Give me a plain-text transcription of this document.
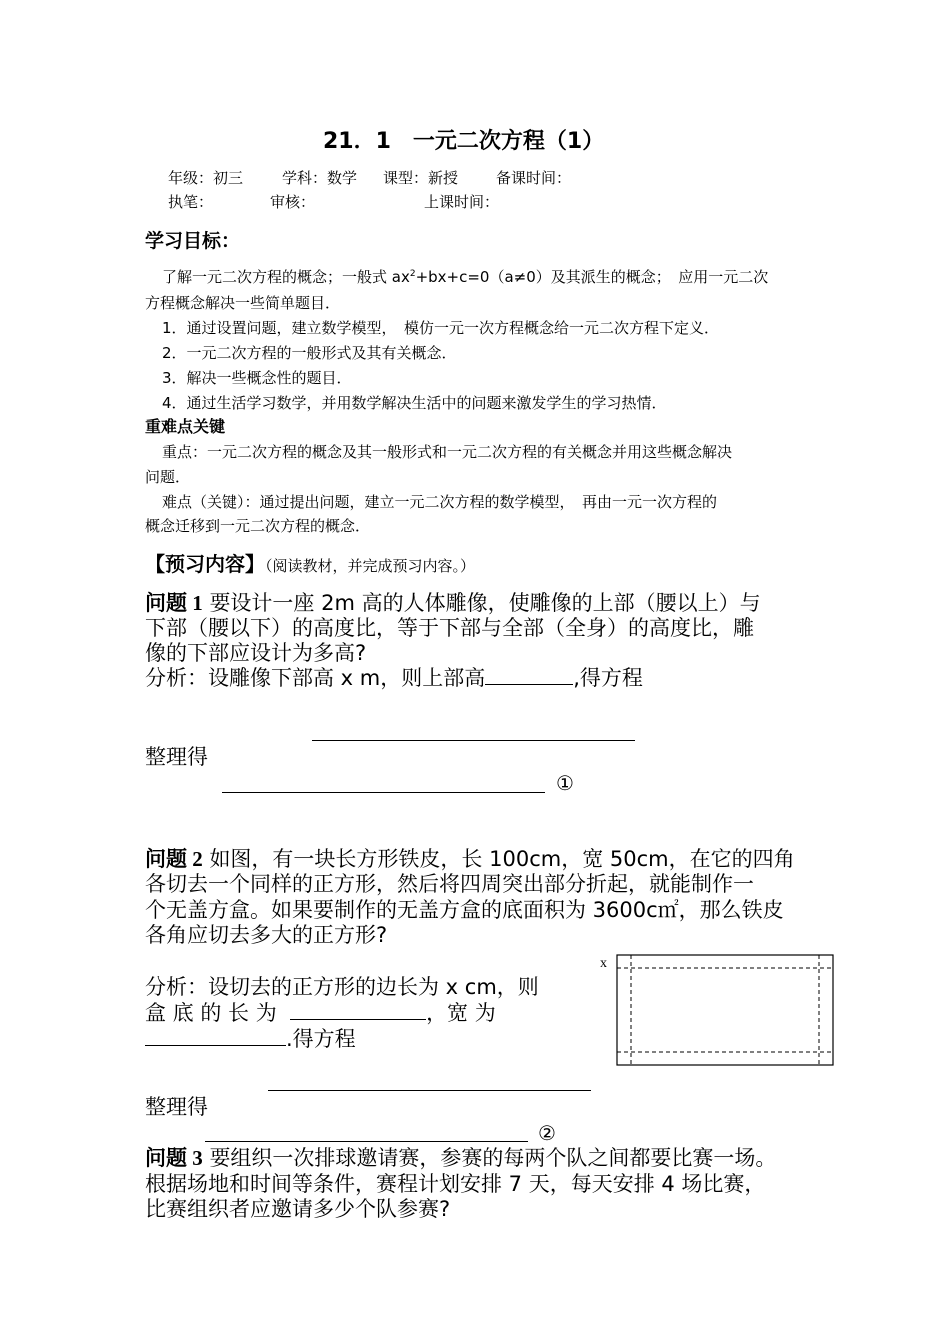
21．1　一元二次方程（1）
年级：初三	学科：数学 课型：新授	备课时间：
执笔：	审核：	上课时间：
学习目标：
了解一元二次方程的概念；一般式 $ax^2+bx+c=0(a\ne 0)$及其派生的概念；　应用一元二次
方程概念解决一些简单题目．
1．通过设置问题，建立数学模型，　模仿一元一次方程概念给一元二次方程下定义．
2．一元二次方程的一般形式及其有关概念．
3．解决一些概念性的题目．
4．通过生活学习数学，并用数学解决生活中的问题来激发学生的学习热情．
重难点关键
重点：一元二次方程的概念及其一般形式和一元二次方程的有关概念并用这些概念解决
问题．
难点（关键）：通过提出问题，建立一元二次方程的数学模型，　再由一元一次方程的
概念迁移到一元二次方程的概念．
【预习内容】（阅读教材，并完成预习内容。）
问题 1 要设计一座 2m 高的人体雕像，使雕像的上部（腰以上）与
下部（腰以下）的高度比，等于下部与全部（全身）的高度比，雕
像的下部应设计为多高?
分析：设雕像下部高 x m，则上部高	,得方程
整理得
①
问题 2 如图，有一块长方形铁皮，长 100cm，宽 50cm，在它的四角
各切去一个同样的正方形，然后将四周突出部分折起，就能制作一
个无盖方盒。如果要制作的无盖方盒的底面积为 3600c㎡，那么铁皮
各角应切去多大的正方形?
分析：设切去的正方形的边长为 x cm，则
盒 底 的 长 为	，宽 为
.得方程
x
整理得
②
问题 3 要组织一次排球邀请赛，参赛的每两个队之间都要比赛一场。
根据场地和时间等条件，赛程计划安排 7 天，每天安排 4 场比赛，
比赛组织者应邀请多少个队参赛?
